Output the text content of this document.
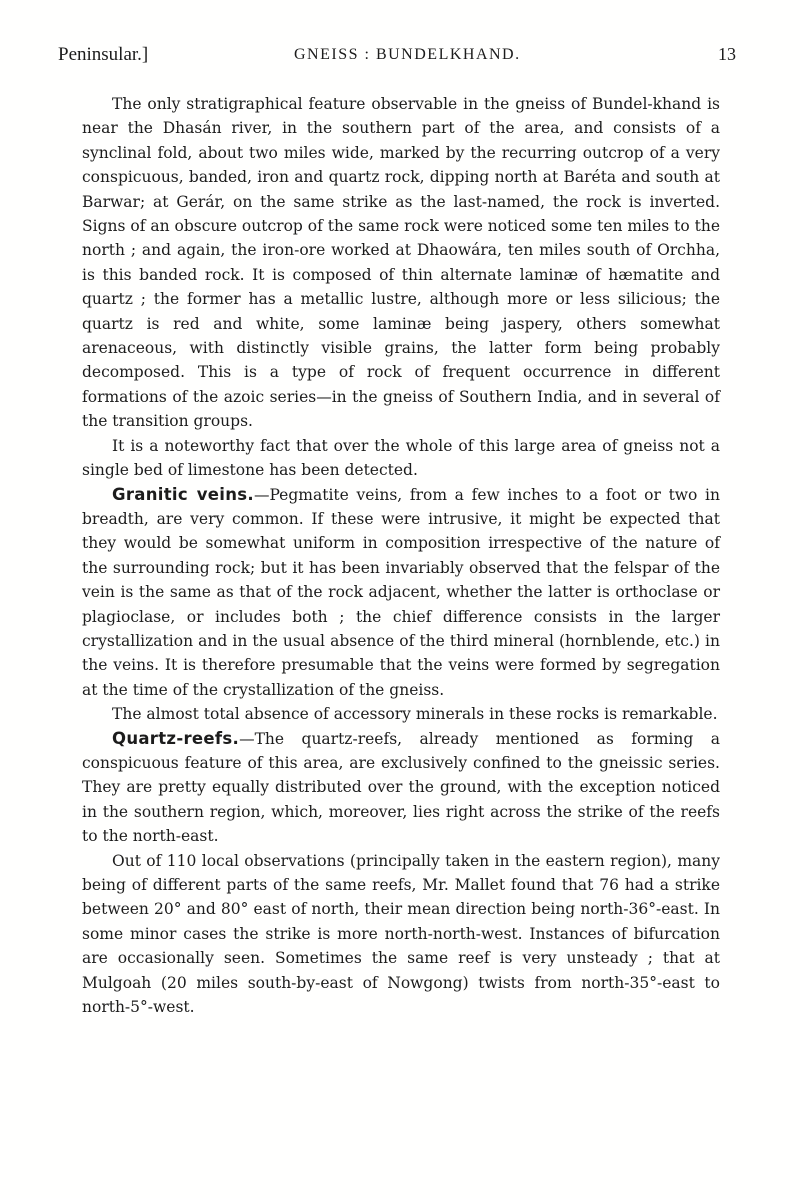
Peninsular.]	GNEISS : BUNDELKHAND.	13

The only stratigraphical feature observable in the gneiss of Bundel-khand is near the Dhasán river, in the southern part of the area, and consists of a synclinal fold, about two miles wide, marked by the recurring outcrop of a very conspicuous, banded, iron and quartz rock, dipping north at Baréta and south at Barwar; at Gerár, on the same strike as the last-named, the rock is inverted. Signs of an obscure outcrop of the same rock were noticed some ten miles to the north ; and again, the iron-ore worked at Dhaowára, ten miles south of Orchha, is this banded rock. It is composed of thin alternate laminæ of hæmatite and quartz ; the former has a metallic lustre, although more or less silicious; the quartz is red and white, some laminæ being jaspery, others somewhat arenaceous, with distinctly visible grains, the latter form being probably decomposed. This is a type of rock of frequent occurrence in different formations of the azoic series—in the gneiss of Southern India, and in several of the transition groups.

It is a noteworthy fact that over the whole of this large area of gneiss not a single bed of limestone has been detected.

Granitic veins.—Pegmatite veins, from a few inches to a foot or two in breadth, are very common. If these were intrusive, it might be expected that they would be somewhat uniform in composition irrespective of the nature of the surrounding rock; but it has been invariably observed that the felspar of the vein is the same as that of the rock adjacent, whether the latter is orthoclase or plagioclase, or includes both ; the chief difference consists in the larger crystallization and in the usual absence of the third mineral (hornblende, etc.) in the veins. It is therefore presumable that the veins were formed by segregation at the time of the crystallization of the gneiss.

The almost total absence of accessory minerals in these rocks is remarkable.

Quartz-reefs.—The quartz-reefs, already mentioned as forming a conspicuous feature of this area, are exclusively confined to the gneissic series. They are pretty equally distributed over the ground, with the exception noticed in the southern region, which, moreover, lies right across the strike of the reefs to the north-east.

Out of 110 local observations (principally taken in the eastern region), many being of different parts of the same reefs, Mr. Mallet found that 76 had a strike between 20° and 80° east of north, their mean direction being north-36°-east. In some minor cases the strike is more north-north-west. Instances of bifurcation are occasionally seen. Sometimes the same reef is very unsteady ; that at Mulgoah (20 miles south-by-east of Nowgong) twists from north-35°-east to north-5°-west.
